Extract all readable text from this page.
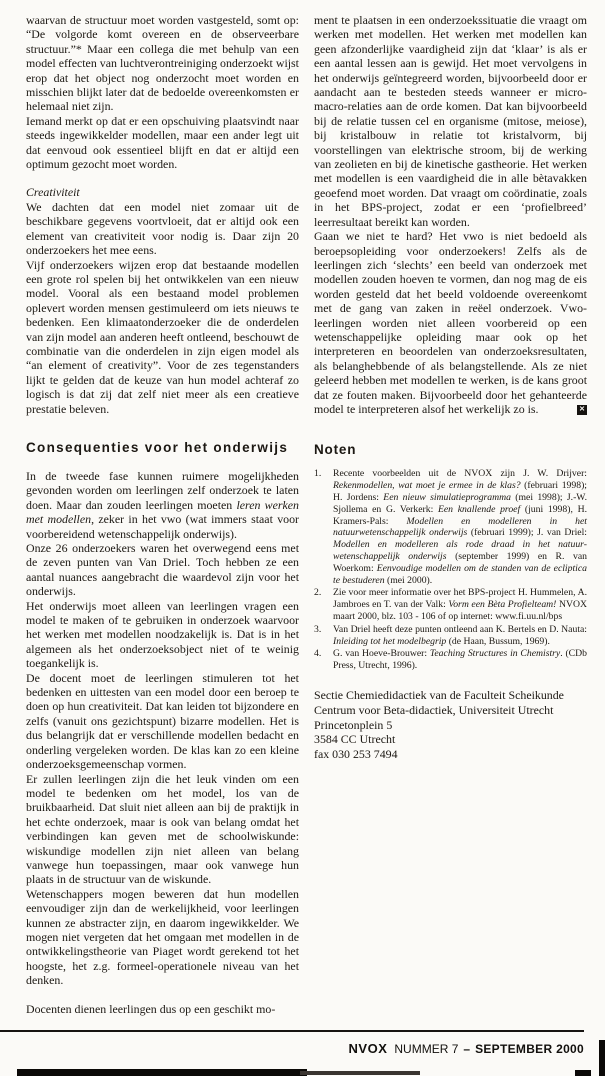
waarvan de structuur moet worden vastgesteld, somt op: “De volgorde komt overeen en de observeerbare structuur.”* Maar een collega die met behulp van een model effecten van luchtverontreiniging onderzoekt wijst erop dat het object nog onderzocht moet worden en misschien blijkt later dat de bedoelde overeenkomsten er helemaal niet zijn.

Iemand merkt op dat er een opschuiving plaatsvindt naar steeds ingewikkelder modellen, maar een ander legt uit dat eenvoud ook essentieel blijft en dat er altijd een optimum gezocht moet worden.

Creativiteit

We dachten dat een model niet zomaar uit de beschikbare gegevens voortvloeit, dat er altijd ook een element van creativiteit voor nodig is. Daar zijn 20 onderzoekers het mee eens.

Vijf onderzoekers wijzen erop dat bestaande modellen een grote rol spelen bij het ontwikkelen van een nieuw model. Vooral als een bestaand model problemen oplevert worden mensen gestimuleerd om iets nieuws te bedenken. Een klimaatonderzoeker die de onderdelen van zijn model aan anderen heeft ontleend, beschouwt de combinatie van die onderdelen in zijn eigen model als “an element of creativity”. Voor de zes tegenstanders lijkt te gelden dat de keuze van hun model achteraf zo logisch is dat zij dat zelf niet meer als een creatieve prestatie beleven.

Consequenties voor het onderwijs

In de tweede fase kunnen ruimere mogelijkheden gevonden worden om leerlingen zelf onderzoek te laten doen. Maar dan zouden leerlingen moeten leren werken met modellen, zeker in het vwo (wat immers staat voor voorbereidend wetenschappelijk onderwijs).

Onze 26 onderzoekers waren het overwegend eens met de zeven punten van Van Driel. Toch hebben ze een aantal nuances aangebracht die waardevol zijn voor het onderwijs.

Het onderwijs moet alleen van leerlingen vragen een model te maken of te gebruiken in onderzoek waarvoor het werken met modellen noodzakelijk is. Dat is in het algemeen als het onderzoeksobject niet of te weinig toegankelijk is.

De docent moet de leerlingen stimuleren tot het bedenken en uittesten van een model door een beroep te doen op hun creativiteit. Dat kan leiden tot bijzondere en zelfs (vanuit ons gezichtspunt) bizarre modellen. Het is dus belangrijk dat er verschillende modellen bedacht en onderling vergeleken worden. De klas kan zo een kleine onderzoeksgemeenschap vormen.

Er zullen leerlingen zijn die het leuk vinden om een model te bedenken om het model, los van de bruikbaarheid. Dat sluit niet alleen aan bij de praktijk in het echte onderzoek, maar is ook van belang omdat het verbindingen kan geven met de schoolwiskunde: wiskundige modellen zijn niet alleen van belang vanwege hun toepassingen, maar ook vanwege hun plaats in de structuur van de wiskunde.

Wetenschappers mogen beweren dat hun modellen eenvoudiger zijn dan de werkelijkheid, voor leerlingen kunnen ze abstracter zijn, en daarom ingewikkelder. We mogen niet vergeten dat het omgaan met modellen in de ontwikkelingstheorie van Piaget wordt gerekend tot het hoogste, het z.g. formeel-operationele niveau van het denken.

Docenten dienen leerlingen dus op een geschikt mo-

ment te plaatsen in een onderzoekssituatie die vraagt om werken met modellen. Het werken met modellen kan geen afzonderlijke vaardigheid zijn dat ‘klaar’ is als er een aantal lessen aan is gewijd. Het moet vervolgens in het onderwijs geïntegreerd worden, bijvoorbeeld door er aandacht aan te besteden steeds wanneer er micro-macro-relaties aan de orde komen. Dat kan bijvoorbeeld bij de relatie tussen cel en organisme (mitose, meiose), bij kristalbouw in relatie tot kristalvorm, bij voorstellingen van elektrische stroom, bij de werking van zeolieten en bij de kinetische gastheorie. Het werken met modellen is een vaardigheid die in alle bètavakken geoefend moet worden. Dat vraagt om coördinatie, zoals in het BPS-project, zodat er een ‘profielbreed’ leerresultaat bereikt kan worden.

Gaan we niet te hard? Het vwo is niet bedoeld als beroepsopleiding voor onderzoekers! Zelfs als de leerlingen zich ‘slechts’ een beeld van onderzoek met modellen zouden hoeven te vormen, dan nog mag de eis worden gesteld dat het beeld voldoende overeenkomt met de gang van zaken in reëel onderzoek. Vwo-leerlingen worden niet alleen voorbereid op een wetenschappelijke opleiding maar ook op het interpreteren en beoordelen van onderzoeksresultaten, als belanghebbende of als belangstellende. Als ze niet geleerd hebben met modellen te werken, is de kans groot dat ze fouten maken. Bijvoorbeeld door het gehanteerde model te interpreteren alsof het werkelijk zo is.	✕

Noten
1.	Recente voorbeelden uit de NVOX zijn J. W. Drijver: Rekenmodellen, wat moet je ermee in de klas? (februari 1998); H. Jordens: Een nieuw simulatieprogramma (mei 1998); J.-W. Sjollema en G. Verkerk: Een knallende proef (juni 1998), H. Kramers-Pals: Modellen en modelleren in het natuurwetenschappelijk onderwijs (februari 1999); J. van Driel: Modellen en modelleren als rode draad in het natuur-wetenschappelijk onderwijs (september 1999) en R. van Woerkom: Eenvoudige modellen om de standen van de ecliptica te bestuderen (mei 2000).
2.	Zie voor meer informatie over het BPS-project H. Hummelen, A. Jambroes en T. van der Valk: Vorm een Bèta Profielteam! NVOX maart 2000, blz. 103 - 106 of op internet: www.fi.uu.nl/bps
3.	Van Driel heeft deze punten ontleend aan K. Bertels en D. Nauta: Inleiding tot het modelbegrip (de Haan, Bussum, 1969).
4.	G. van Hoeve-Brouwer: Teaching Structures in Chemistry. (CDb Press, Utrecht, 1996).
Sectie Chemiedidactiek van de Faculteit Scheikunde
Centrum voor Beta-didactiek, Universiteit Utrecht
Princetonplein 5
3584 CC Utrecht
fax 030 253 7494
NVOX NUMMER 7 – SEPTEMBER 2000
